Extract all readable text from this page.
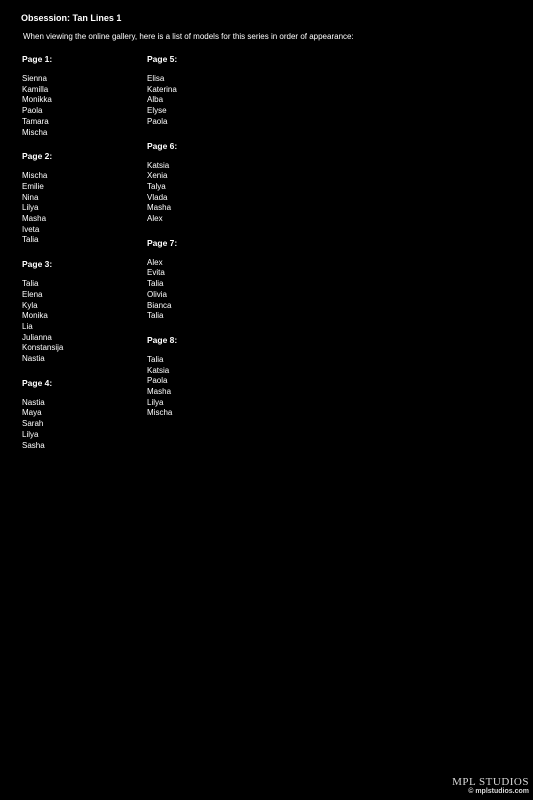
Obsession: Tan Lines 1
When viewing the online gallery, here is a list of models for this series in order of appearance:
Page 1:
Sienna
Kamilla
Monikka
Paola
Tamara
Mischa
Page 2:
Mischa
Emilie
Nina
Lilya
Masha
Iveta
Talia
Page 3:
Talia
Elena
Kyla
Monika
Lia
Julianna
Konstansija
Nastia
Page 4:
Nastia
Maya
Sarah
Lilya
Sasha
Page 5:
Elisa
Katerina
Alba
Elyse
Paola
Page 6:
Katsia
Xenia
Talya
Vlada
Masha
Alex
Page 7:
Alex
Evita
Talia
Olivia
Bianca
Talia
Page 8:
Talia
Katsia
Paola
Masha
Lilya
Mischa
MPL STUDIOS
© mplstudios.com
